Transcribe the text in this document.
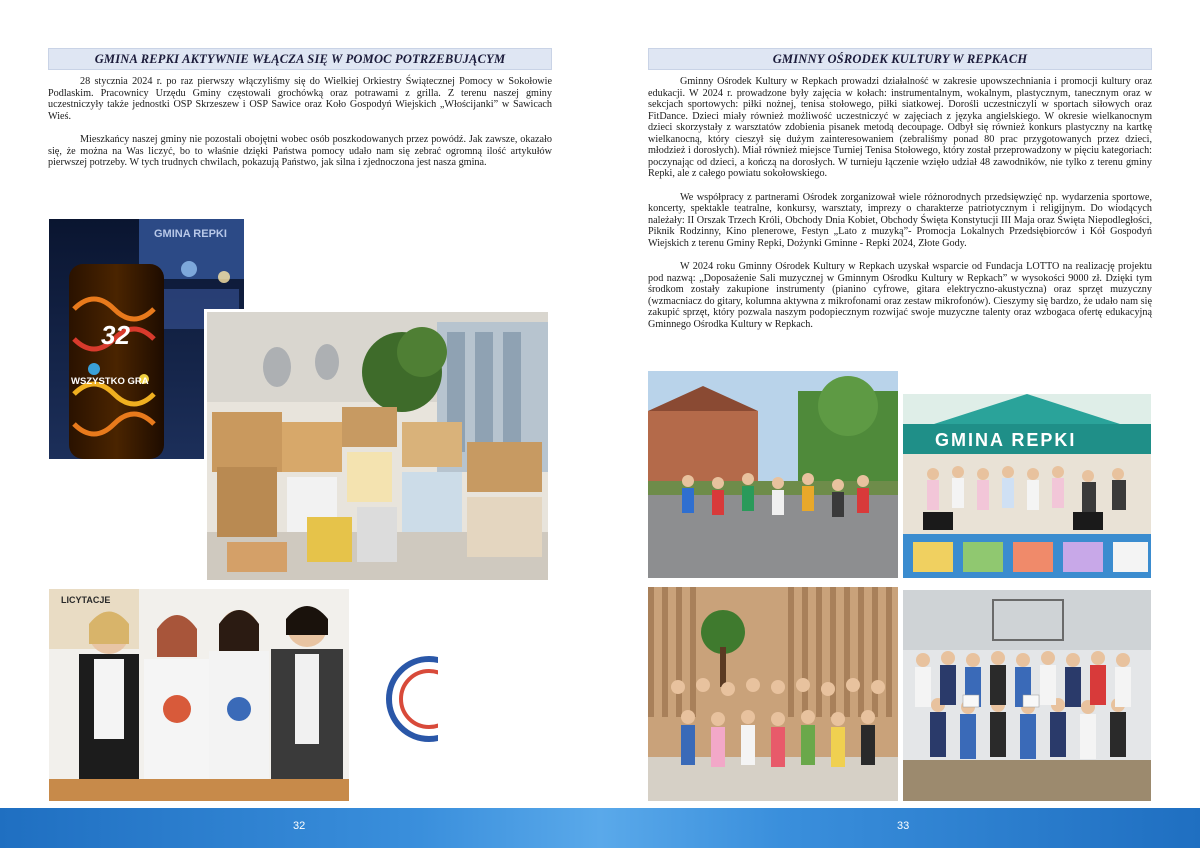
GMINA REPKI AKTYWNIE WŁĄCZA SIĘ W POMOC POTRZEBUJĄCYM

28 stycznia 2024 r. po raz pierwszy włączyliśmy się do Wielkiej Orkiestry Świątecznej Pomocy w Sokołowie Podlaskim. Pracownicy Urzędu Gminy częstowali grochówką oraz potrawami z grilla. Z terenu naszej gminy uczestniczyły także jednostki OSP Skrzeszew i OSP Sawice oraz Koło Gospodyń Wiejskich „Włościjanki” w Sawicach Wieś.

Mieszkańcy naszej gminy nie pozostali obojętni wobec osób poszkodowanych przez powódź. Jak zawsze, okazało się, że można na Was liczyć, bo to właśnie dzięki Państwa pomocy udało nam się zebrać ogromną ilość artykułów pierwszej potrzeby. W tych trudnych chwilach, pokazują Państwo, jak silna i zjednoczona jest nasza gmina.

GMINA REPKI
32
WSZYSTKO GRA
LICYTACJE
GMINNY OŚRODEK KULTURY W REPKACH

Gminny Ośrodek Kultury w Repkach prowadzi działalność w zakresie upowszechniania i promocji kultury oraz edukacji. W 2024 r. prowadzone były zajęcia w kołach: instrumentalnym, wokalnym, plastycznym, tanecznym oraz w sekcjach sportowych: piłki nożnej, tenisa stołowego, piłki siatkowej. Dorośli uczestniczyli w sportach siłowych oraz FitDance. Dzieci miały również możliwość uczestniczyć w zajęciach z języka angielskiego. W okresie wielkanocnym dzieci skorzystały z warsztatów zdobienia pisanek metodą decoupage. Odbył się również konkurs plastyczny na kartkę wielkanocną, który cieszył się dużym zainteresowaniem (zebraliśmy ponad 80 prac przygotowanych przez dzieci, młodzież i dorosłych). Miał również miejsce Turniej Tenisa Stołowego, który został przeprowadzony w pięciu kategoriach: poczynając od dzieci, a kończą na dorosłych. W turnieju łączenie wzięło udział 48 zawodników, nie tylko z terenu gminy Repki, ale z całego powiatu sokołowskiego.

We współpracy z partnerami Ośrodek zorganizował wiele różnorodnych przedsięwzięć np. wydarzenia sportowe, koncerty, spektakle teatralne, konkursy, warsztaty, imprezy o charakterze patriotycznym i religijnym. Do wiodących należały: II Orszak Trzech Króli, Obchody Dnia Kobiet, Obchody Święta Konstytucji III Maja oraz Święta Niepodległości, Piknik Rodzinny, Kino plenerowe, Festyn „Lato z muzyką”- Promocja Lokalnych Przedsiębiorców i Kół Gospodyń Wiejskich z terenu Gminy Repki, Dożynki Gminne - Repki 2024, Złote Gody.

W 2024 roku Gminny Ośrodek Kultury w Repkach uzyskał wsparcie od Fundacja LOTTO na realizację projektu pod nazwą: „Doposażenie Sali muzycznej w Gminnym Ośrodku Kultury w Repkach” w wysokości 9000 zł. Dzięki tym środkom zostały zakupione instrumenty (pianino cyfrowe, gitara elektryczno-akustyczna) oraz sprzęt muzyczny (wzmacniacz do gitary, kolumna aktywna z mikrofonami oraz zestaw mikrofonów). Cieszymy się bardzo, że udało nam się zakupić sprzęt, który pozwala naszym podopiecznym rozwijać swoje muzyczne talenty oraz wzbogaca ofertę edukacyjną Gminnego Ośrodka Kultury w Repkach.

GMINA REPKI
32	33
